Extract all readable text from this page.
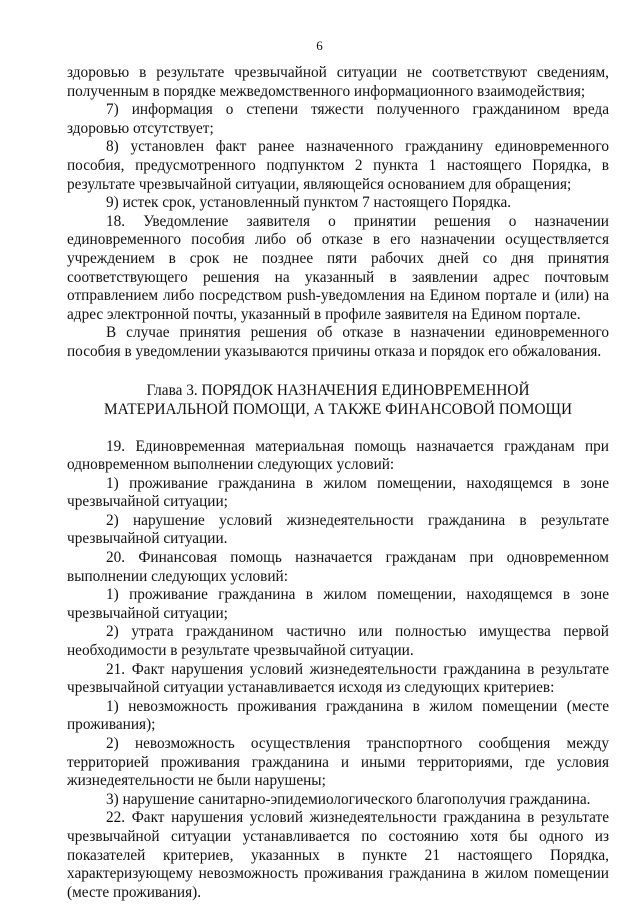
6

здоровью в результате чрезвычайной ситуации не соответствуют сведениям, полученным в порядке межведомственного информационного взаимодействия;

7) информация о степени тяжести полученного гражданином вреда здоровью отсутствует;

8) установлен факт ранее назначенного гражданину единовременного пособия, предусмотренного подпунктом 2 пункта 1 настоящего Порядка, в результате чрезвычайной ситуации, являющейся основанием для обращения;

9) истек срок, установленный пунктом 7 настоящего Порядка.

18. Уведомление заявителя о принятии решения о назначении единовременного пособия либо об отказе в его назначении осуществляется учреждением в срок не позднее пяти рабочих дней со дня принятия соответствующего решения на указанный в заявлении адрес почтовым отправлением либо посредством push-уведомления на Едином портале и (или) на адрес электронной почты, указанный в профиле заявителя на Едином портале.

В случае принятия решения об отказе в назначении единовременного пособия в уведомлении указываются причины отказа и порядок его обжалования.

Глава 3. ПОРЯДОК НАЗНАЧЕНИЯ ЕДИНОВРЕМЕННОЙ
МАТЕРИАЛЬНОЙ ПОМОЩИ, А ТАКЖЕ ФИНАНСОВОЙ ПОМОЩИ

19. Единовременная материальная помощь назначается гражданам при одновременном выполнении следующих условий:

1) проживание гражданина в жилом помещении, находящемся в зоне чрезвычайной ситуации;

2) нарушение условий жизнедеятельности гражданина в результате чрезвычайной ситуации.

20. Финансовая помощь назначается гражданам при одновременном выполнении следующих условий:

1) проживание гражданина в жилом помещении, находящемся в зоне чрезвычайной ситуации;

2) утрата гражданином частично или полностью имущества первой необходимости в результате чрезвычайной ситуации.

21. Факт нарушения условий жизнедеятельности гражданина в результате чрезвычайной ситуации устанавливается исходя из следующих критериев:

1) невозможность проживания гражданина в жилом помещении (месте проживания);

2) невозможность осуществления транспортного сообщения между территорией проживания гражданина и иными территориями, где условия жизнедеятельности не были нарушены;

3) нарушение санитарно-эпидемиологического благополучия гражданина.

22. Факт нарушения условий жизнедеятельности гражданина в результате чрезвычайной ситуации устанавливается по состоянию хотя бы одного из показателей критериев, указанных в пункте 21 настоящего Порядка, характеризующему невозможность проживания гражданина в жилом помещении (месте проживания).
